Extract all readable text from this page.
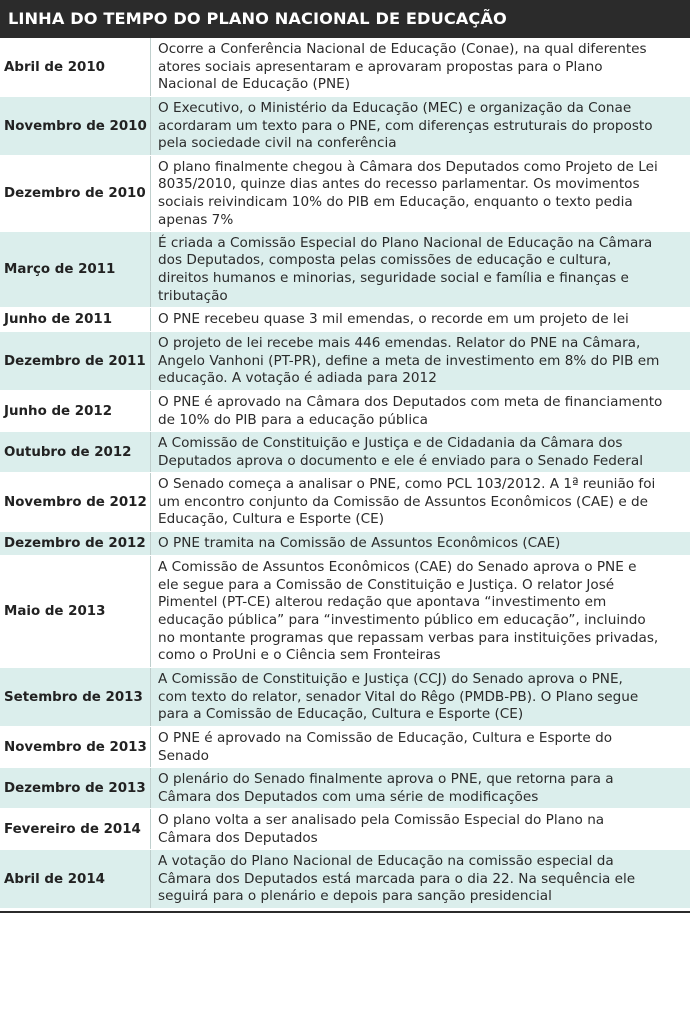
LINHA DO TEMPO DO PLANO NACIONAL DE EDUCAÇÃO
Abril de 2010
Ocorre a Conferência Nacional de Educação (Conae), na qual diferentes
atores sociais apresentaram e aprovaram propostas para o Plano
Nacional de Educação (PNE)
Novembro de 2010
O Executivo, o Ministério da Educação (MEC) e organização da Conae
acordaram um texto para o PNE, com diferenças estruturais do proposto
pela sociedade civil na conferência
Dezembro de 2010
O plano finalmente chegou à Câmara dos Deputados como Projeto de Lei
8035/2010, quinze dias antes do recesso parlamentar. Os movimentos
sociais reivindicam 10% do PIB em Educação, enquanto o texto pedia
apenas 7%
Março de 2011
É criada a Comissão Especial do Plano Nacional de Educação na Câmara
dos Deputados, composta pelas comissões de educação e cultura,
direitos humanos e minorias, seguridade social e família e finanças e
tributação
Junho de 2011	O PNE recebeu quase 3 mil emendas, o recorde em um projeto de lei
Dezembro de 2011
O projeto de lei recebe mais 446 emendas. Relator do PNE na Câmara,
Angelo Vanhoni (PT-PR), define a meta de investimento em 8% do PIB em
educação. A votação é adiada para 2012
Junho de 2012
O PNE é aprovado na Câmara dos Deputados com meta de financiamento
de 10% do PIB para a educação pública
Outubro de 2012
A Comissão de Constituição e Justiça e de Cidadania da Câmara dos
Deputados aprova o documento e ele é enviado para o Senado Federal
Novembro de 2012
O Senado começa a analisar o PNE, como PCL 103/2012. A 1ª reunião foi
um encontro conjunto da Comissão de Assuntos Econômicos (CAE) e de
Educação, Cultura e Esporte (CE)
Dezembro de 2012 O PNE tramita na Comissão de Assuntos Econômicos (CAE)
Maio de 2013
A Comissão de Assuntos Econômicos (CAE) do Senado aprova o PNE e
ele segue para a Comissão de Constituição e Justiça. O relator José
Pimentel (PT-CE) alterou redação que apontava “investimento em
educação pública” para “investimento público em educação”, incluindo
no montante programas que repassam verbas para instituições privadas,
como o ProUni e o Ciência sem Fronteiras
Setembro de 2013
A Comissão de Constituição e Justiça (CCJ) do Senado aprova o PNE,
com texto do relator, senador Vital do Rêgo (PMDB-PB). O Plano segue
para a Comissão de Educação, Cultura e Esporte (CE)
Novembro de 2013
O PNE é aprovado na Comissão de Educação, Cultura e Esporte do
Senado
Dezembro de 2013
O plenário do Senado finalmente aprova o PNE, que retorna para a
Câmara dos Deputados com uma série de modificações
Fevereiro de 2014
O plano volta a ser analisado pela Comissão Especial do Plano na
Câmara dos Deputados
Abril de 2014
A votação do Plano Nacional de Educação na comissão especial da
Câmara dos Deputados está marcada para o dia 22. Na sequência ele
seguirá para o plenário e depois para sanção presidencial
